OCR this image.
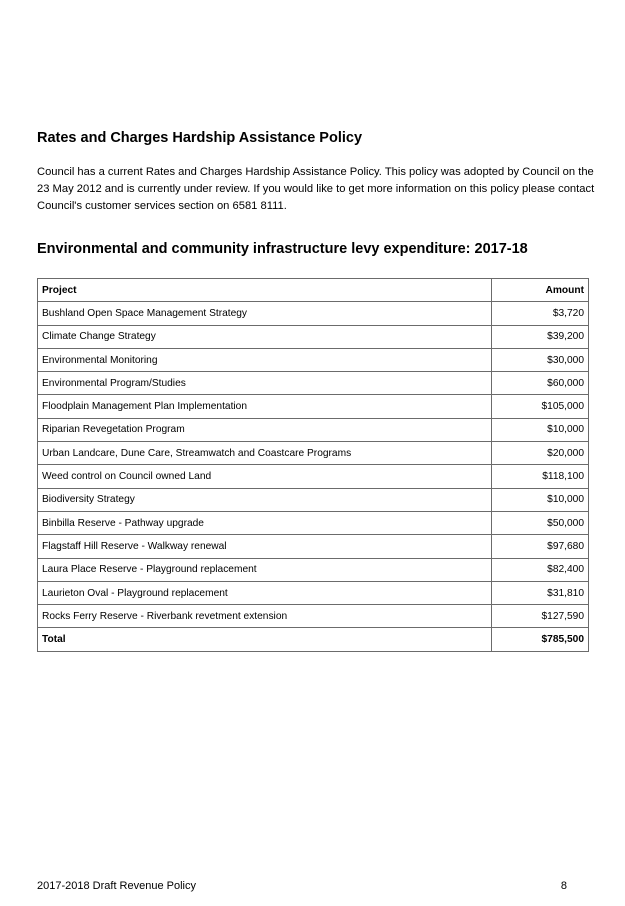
Rates and Charges Hardship Assistance Policy

Council has a current Rates and Charges Hardship Assistance Policy. This policy was adopted by Council on the 23 May 2012 and is currently under review. If you would like to get more information on this policy please contact Council's customer services section on 6581 8111.

Environmental and community infrastructure levy expenditure: 2017-18
Project	Amount
Bushland Open Space Management Strategy	$3,720
Climate Change Strategy	$39,200
Environmental Monitoring	$30,000
Environmental Program/Studies	$60,000
Floodplain Management Plan Implementation	$105,000
Riparian Revegetation Program	$10,000
Urban Landcare, Dune Care, Streamwatch and Coastcare Programs	$20,000
Weed control on Council owned Land	$118,100
Biodiversity Strategy	$10,000
Binbilla Reserve - Pathway upgrade	$50,000
Flagstaff Hill Reserve - Walkway renewal	$97,680
Laura Place Reserve - Playground replacement	$82,400
Laurieton Oval - Playground replacement	$31,810
Rocks Ferry Reserve - Riverbank revetment extension	$127,590
Total	$785,500

2017-2018 Draft Revenue Policy	8
